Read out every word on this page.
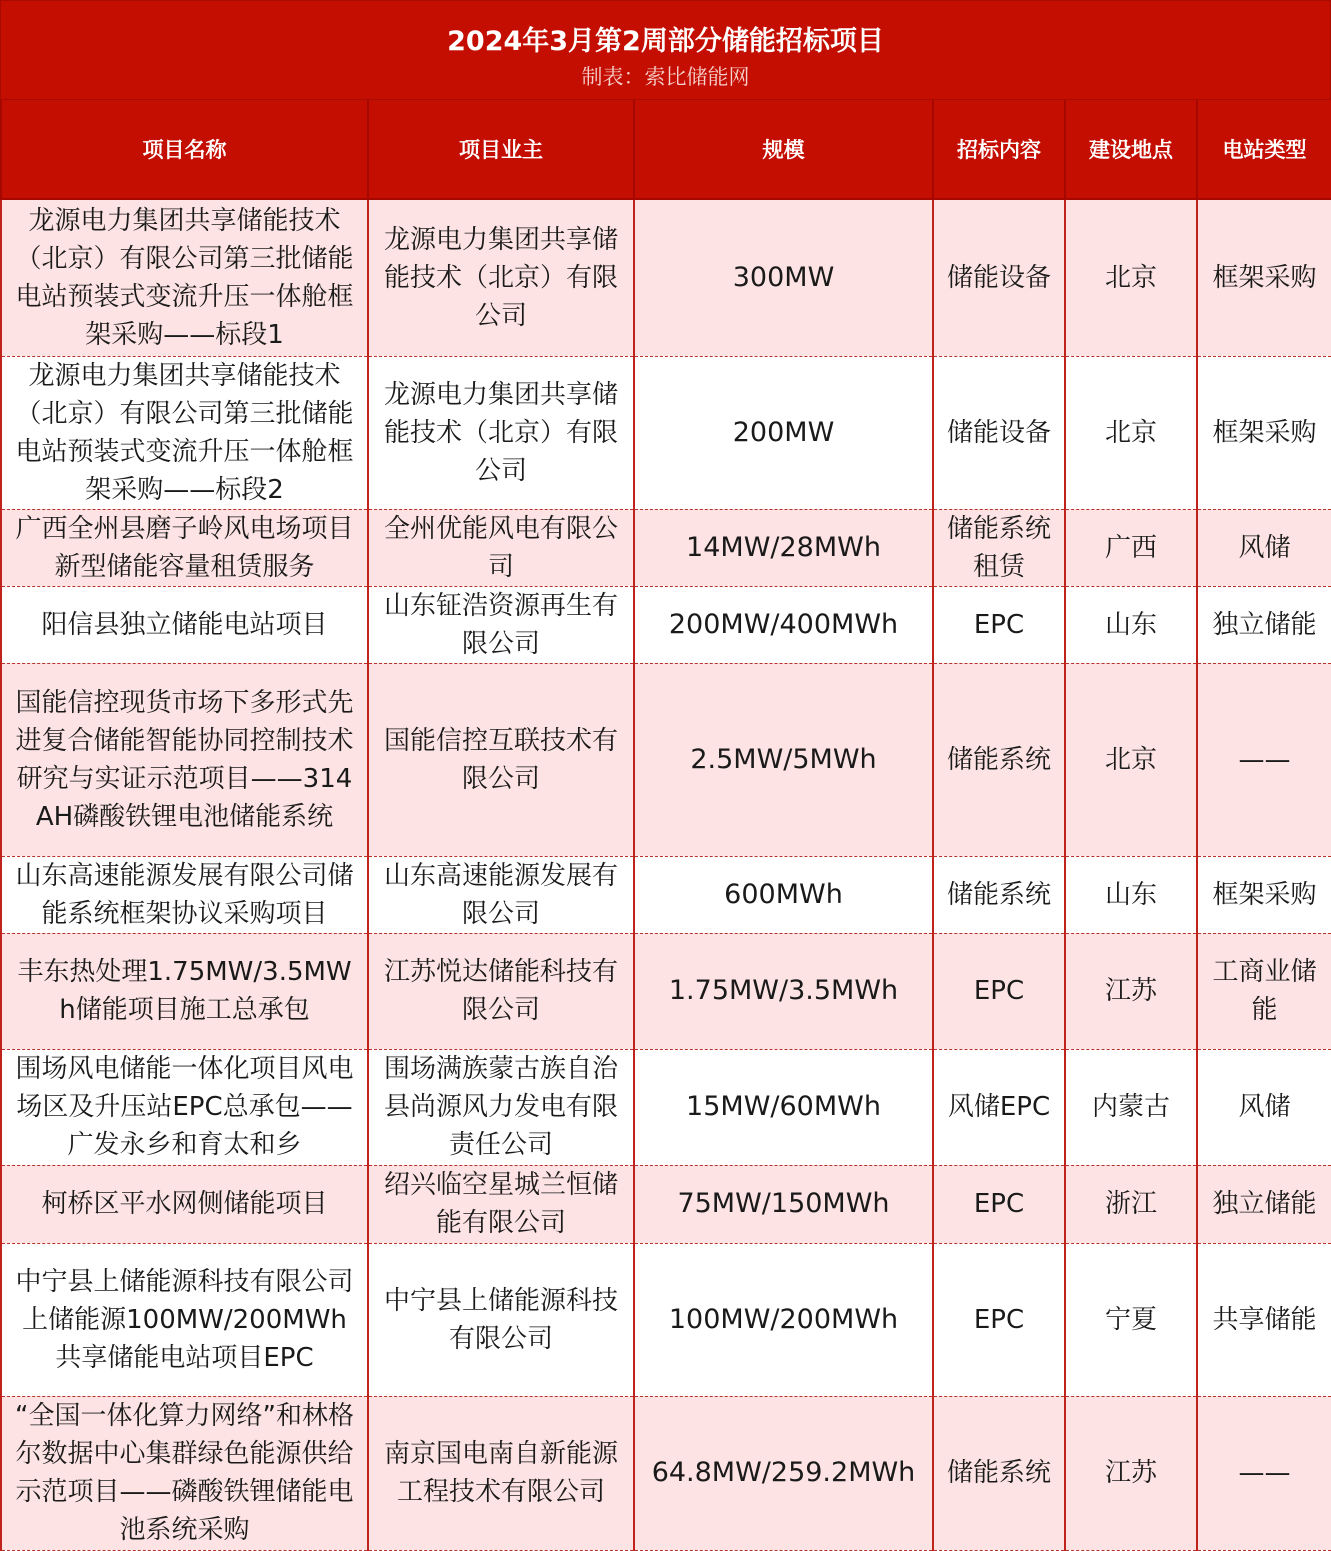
2024年3月第2周部分储能招标项目
制表：索比储能网
项目名称	项目业主	规模	招标内容	建设地点	电站类型
龙源电力集团共享储能技术（北京）有限公司第三批储能电站预装式变流升压一体舱框架采购——标段1	龙源电力集团共享储能技术（北京）有限公司	300MW	储能设备	北京	框架采购
龙源电力集团共享储能技术（北京）有限公司第三批储能电站预装式变流升压一体舱框架采购——标段2	龙源电力集团共享储能技术（北京）有限公司	200MW	储能设备	北京	框架采购
广西全州县磨子岭风电场项目新型储能容量租赁服务	全州优能风电有限公司	14MW/28MWh	储能系统租赁	广西	风储
阳信县独立储能电站项目	山东钲浩资源再生有限公司	200MW/400MWh	EPC	山东	独立储能
国能信控现货市场下多形式先进复合储能智能协同控制技术研究与实证示范项目——314AH磷酸铁锂电池储能系统	国能信控互联技术有限公司	2.5MW/5MWh	储能系统	北京	——
山东高速能源发展有限公司储能系统框架协议采购项目	山东高速能源发展有限公司	600MWh	储能系统	山东	框架采购
丰东热处理1.75MW/3.5MWh储能项目施工总承包	江苏悦达储能科技有限公司	1.75MW/3.5MWh	EPC	江苏	工商业储能
围场风电储能一体化项目风电场区及升压站EPC总承包——广发永乡和育太和乡	围场满族蒙古族自治县尚源风力发电有限责任公司	15MW/60MWh	风储EPC	内蒙古	风储
柯桥区平水网侧储能项目	绍兴临空星城兰恒储能有限公司	75MW/150MWh	EPC	浙江	独立储能
中宁县上储能源科技有限公司上储能源100MW/200MWh共享储能电站项目EPC	中宁县上储能源科技有限公司	100MW/200MWh	EPC	宁夏	共享储能
“全国一体化算力网络”和林格尔数据中心集群绿色能源供给示范项目——磷酸铁锂储能电池系统采购	南京国电南自新能源工程技术有限公司	64.8MW/259.2MWh	储能系统	江苏	——
